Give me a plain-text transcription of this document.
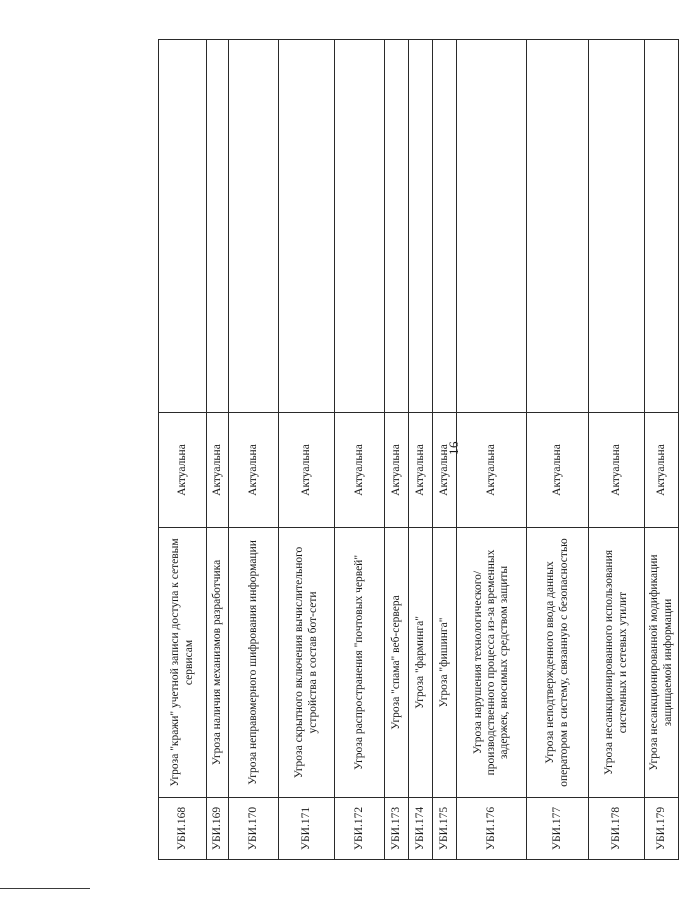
16
УБИ.168	Угроза "кражи" учетной записи доступа к сетевым сервисам	Актуальна	
УБИ.169	Угроза наличия механизмов разработчика	Актуальна	
УБИ.170	Угроза неправомерного шифрования информации	Актуальна	
УБИ.171	Угроза скрытного включения вычислительного устройства в состав бот-сети	Актуальна	
УБИ.172	Угроза распространения "почтовых червей"	Актуальна	
УБИ.173	Угроза "спама" веб-сервера	Актуальна	
УБИ.174	Угроза "фарминга"	Актуальна	
УБИ.175	Угроза "фишинга"	Актуальна	
УБИ.176	Угроза нарушения технологического/производственного процесса из-за временных задержек, вносимых средством защиты	Актуальна	
УБИ.177	Угроза неподтвержденного ввода данных оператором в систему, связанную с безопасностью	Актуальна	
УБИ.178	Угроза несанкционированного использования системных и сетевых утилит	Актуальна	
УБИ.179	Угроза несанкционированной модификации защищаемой информации	Актуальна	
